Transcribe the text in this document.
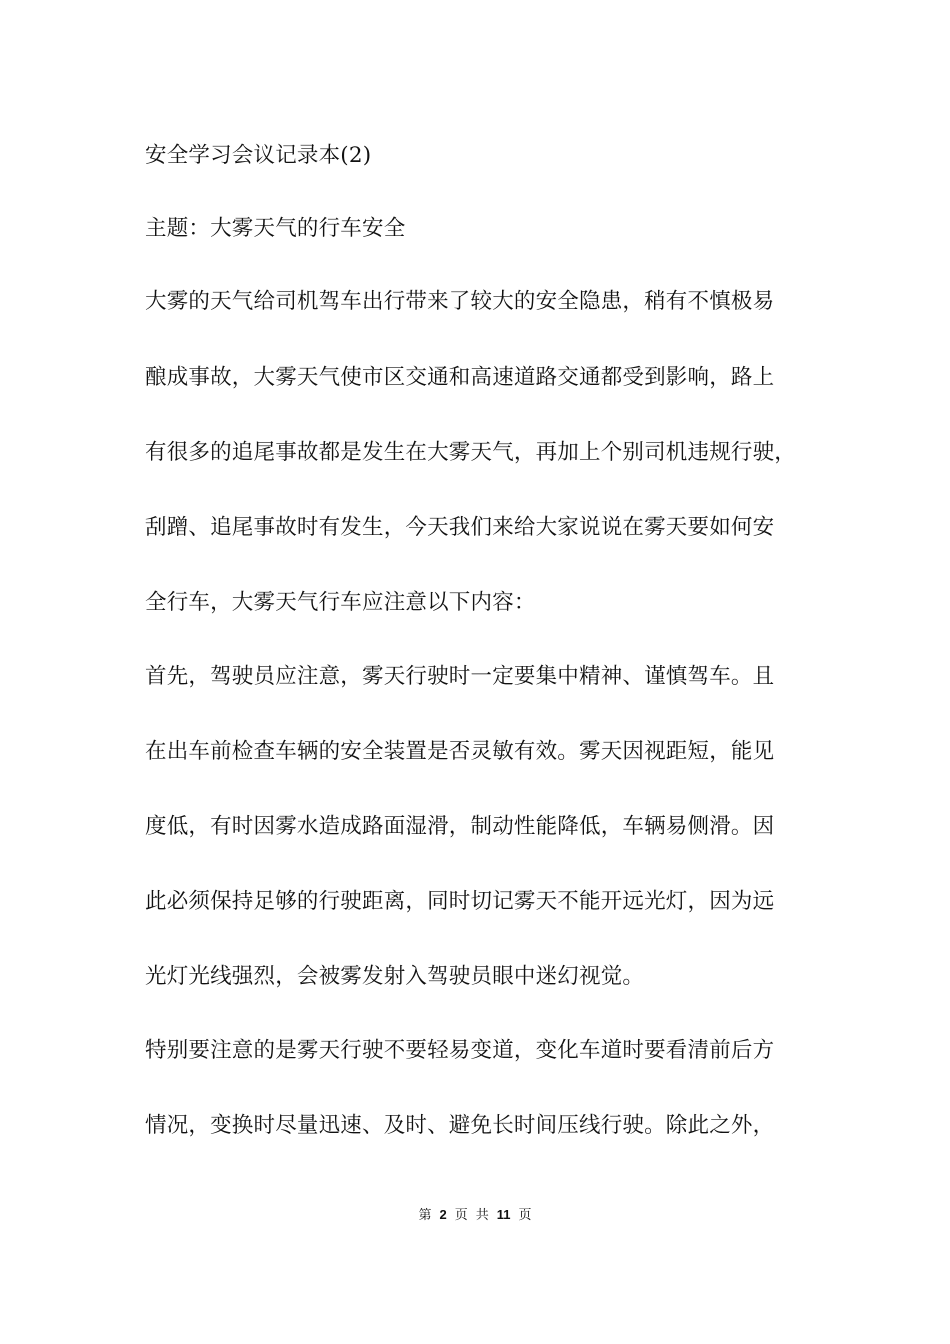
安全学习会议记录本(2)
主题：大雾天气的行车安全
大雾的天气给司机驾车出行带来了较大的安全隐患，稍有不慎极易
酿成事故，大雾天气使市区交通和高速道路交通都受到影响，路上
有很多的追尾事故都是发生在大雾天气，再加上个别司机违规行驶，
刮蹭、追尾事故时有发生，今天我们来给大家说说在雾天要如何安
全行车，大雾天气行车应注意以下内容：
首先，驾驶员应注意，雾天行驶时一定要集中精神、谨慎驾车。且
在出车前检查车辆的安全装置是否灵敏有效。雾天因视距短，能见
度低，有时因雾水造成路面湿滑，制动性能降低，车辆易侧滑。因
此必须保持足够的行驶距离，同时切记雾天不能开远光灯，因为远
光灯光线强烈，会被雾发射入驾驶员眼中迷幻视觉。
特别要注意的是雾天行驶不要轻易变道，变化车道时要看清前后方
情况，变换时尽量迅速、及时、避免长时间压线行驶。除此之外，
第 2 页 共 11 页
